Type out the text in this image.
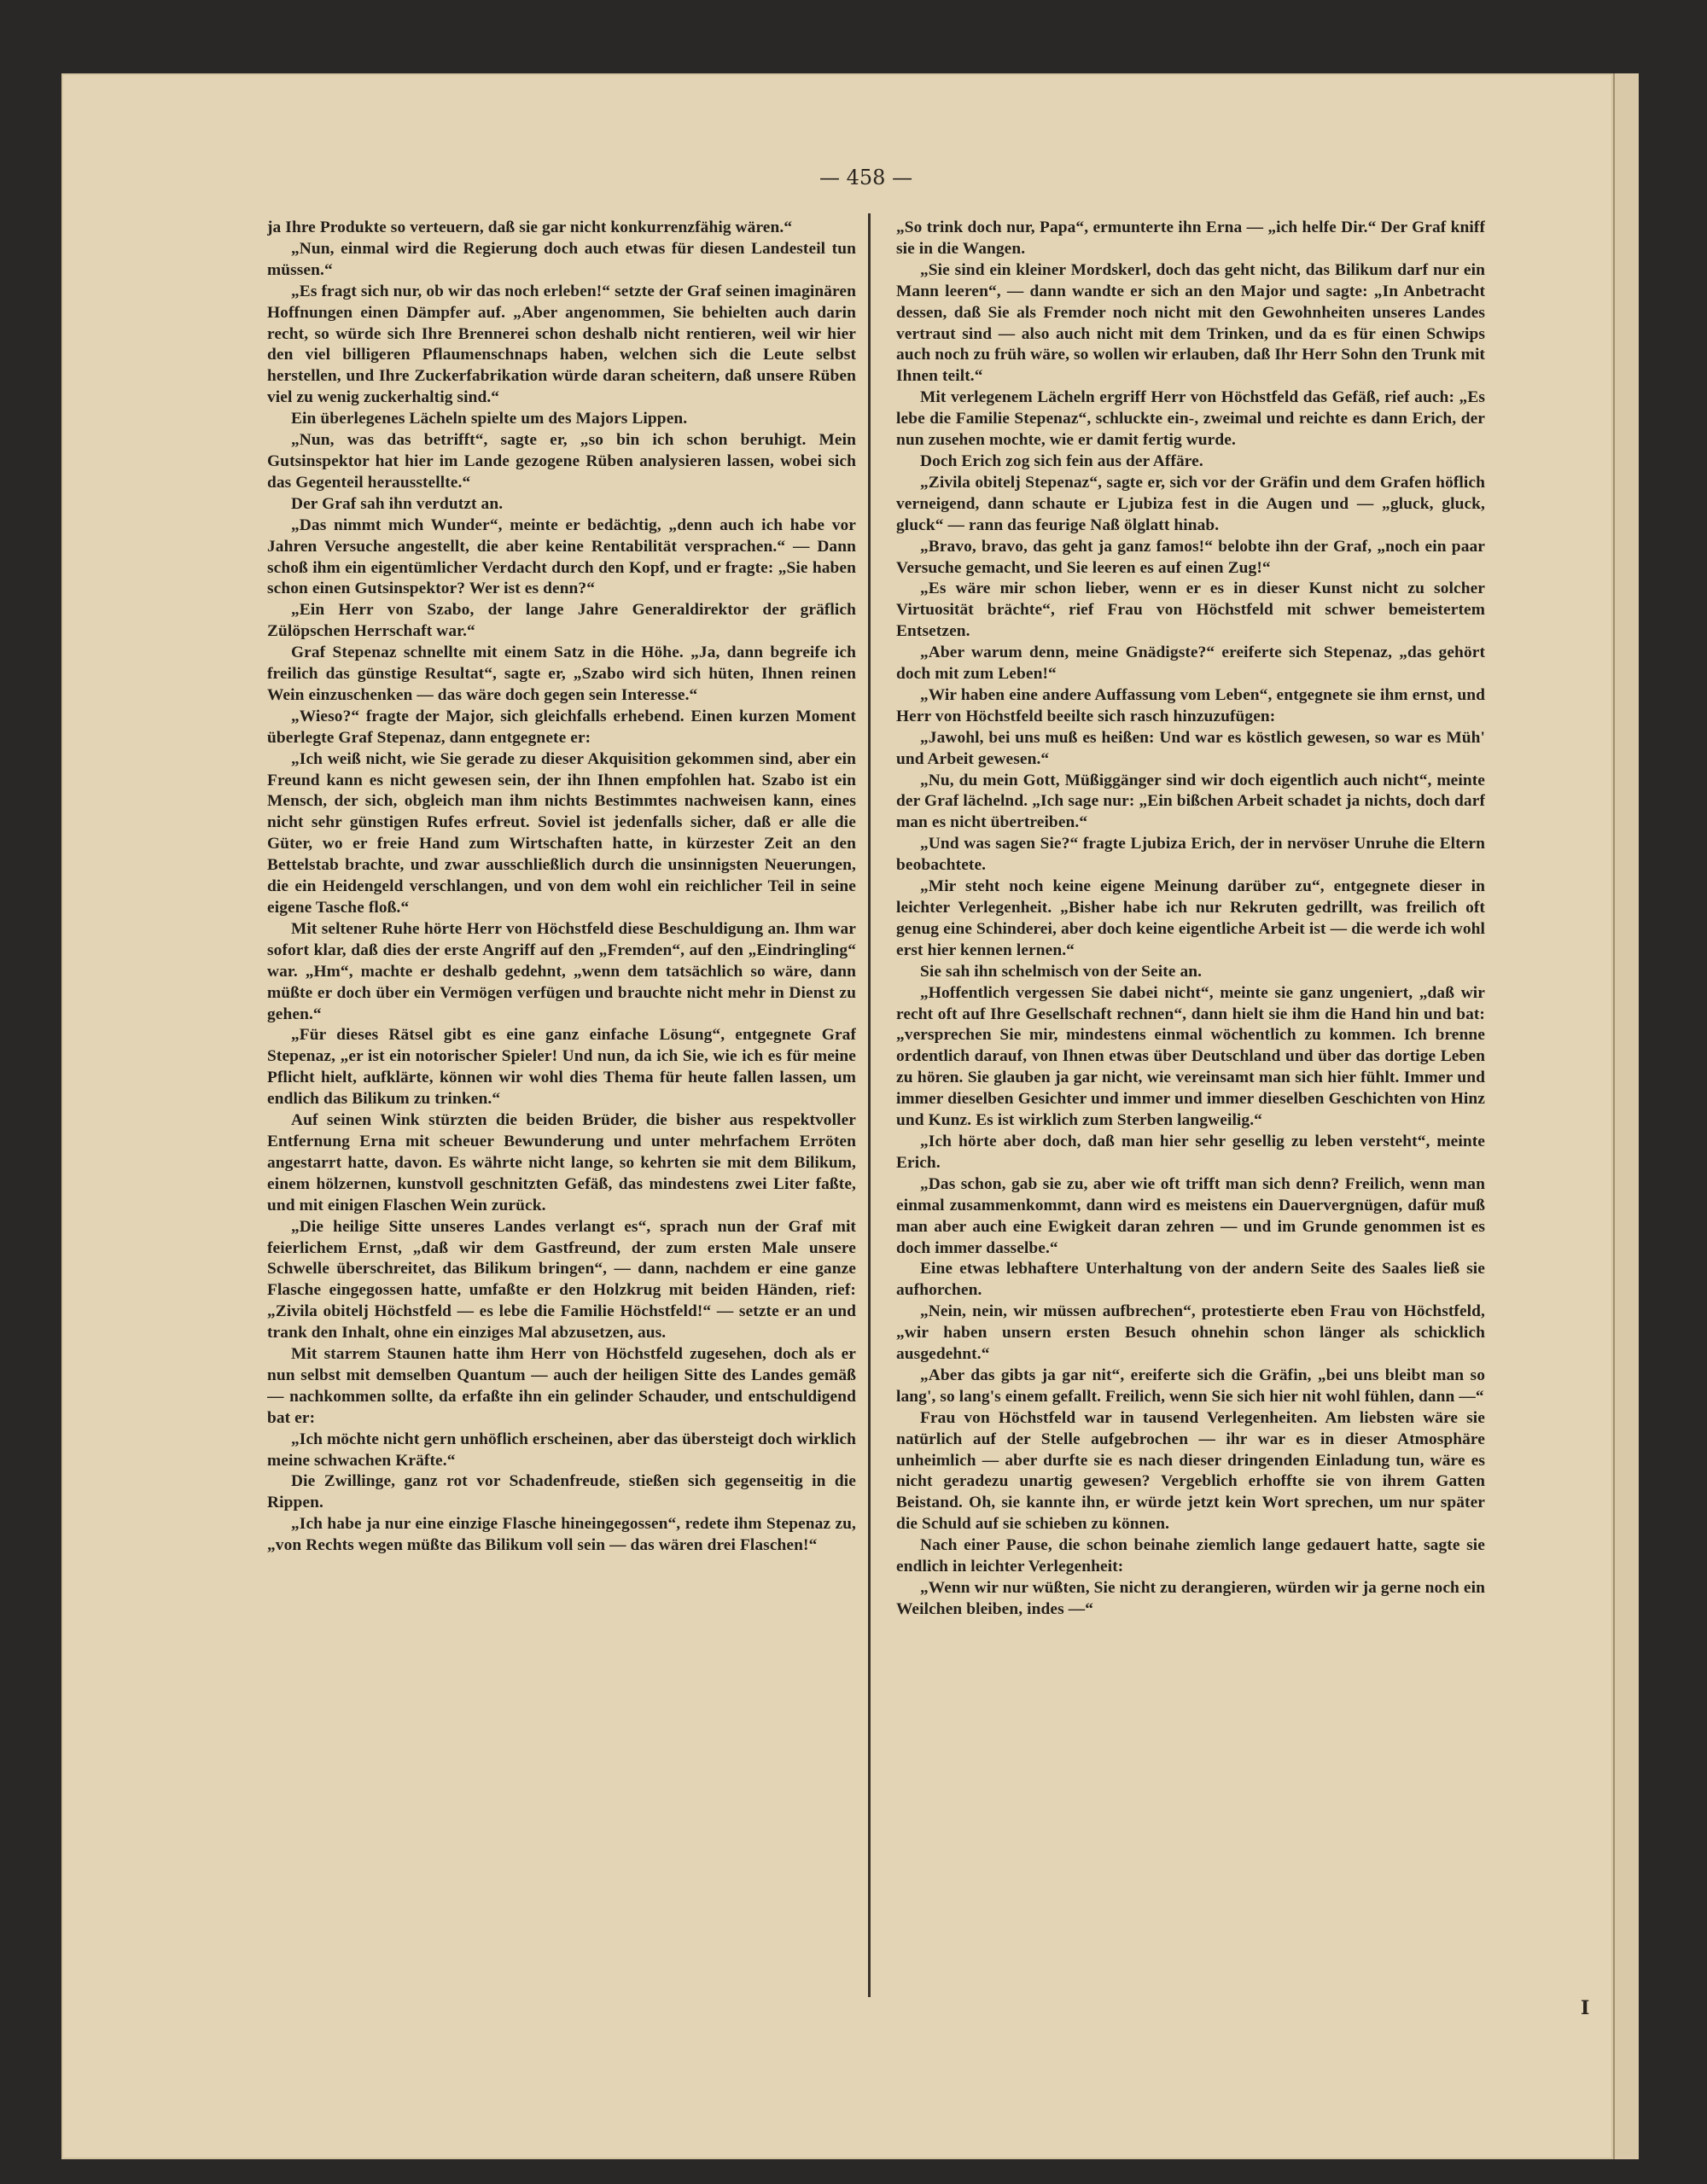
— 458 —

ja Ihre Produkte so verteuern, daß sie gar nicht konkurrenzfähig wären.“

„Nun, einmal wird die Regierung doch auch etwas für diesen Landesteil tun müssen.“

„Es fragt sich nur, ob wir das noch erleben!“ setzte der Graf seinen imaginären Hoffnungen einen Dämpfer auf. „Aber angenommen, Sie behielten auch darin recht, so würde sich Ihre Brennerei schon deshalb nicht rentieren, weil wir hier den viel billigeren Pflaumenschnaps haben, welchen sich die Leute selbst herstellen, und Ihre Zuckerfabrikation würde daran scheitern, daß unsere Rüben viel zu wenig zuckerhaltig sind.“

Ein überlegenes Lächeln spielte um des Majors Lippen.

„Nun, was das betrifft“, sagte er, „so bin ich schon beruhigt. Mein Gutsinspektor hat hier im Lande gezogene Rüben analysieren lassen, wobei sich das Gegenteil herausstellte.“

Der Graf sah ihn verdutzt an.

„Das nimmt mich Wunder“, meinte er bedächtig, „denn auch ich habe vor Jahren Versuche angestellt, die aber keine Rentabilität versprachen.“ — Dann schoß ihm ein eigentümlicher Verdacht durch den Kopf, und er fragte: „Sie haben schon einen Gutsinspektor? Wer ist es denn?“

„Ein Herr von Szabo, der lange Jahre Generaldirektor der gräflich Zülöpschen Herrschaft war.“

Graf Stepenaz schnellte mit einem Satz in die Höhe. „Ja, dann begreife ich freilich das günstige Resultat“, sagte er, „Szabo wird sich hüten, Ihnen reinen Wein einzuschenken — das wäre doch gegen sein Interesse.“

„Wieso?“ fragte der Major, sich gleichfalls erhebend. Einen kurzen Moment überlegte Graf Stepenaz, dann entgegnete er:

„Ich weiß nicht, wie Sie gerade zu dieser Akquisition gekommen sind, aber ein Freund kann es nicht gewesen sein, der ihn Ihnen empfohlen hat. Szabo ist ein Mensch, der sich, obgleich man ihm nichts Bestimmtes nachweisen kann, eines nicht sehr günstigen Rufes erfreut. Soviel ist jedenfalls sicher, daß er alle die Güter, wo er freie Hand zum Wirtschaften hatte, in kürzester Zeit an den Bettelstab brachte, und zwar ausschließlich durch die unsinnigsten Neuerungen, die ein Heidengeld verschlangen, und von dem wohl ein reichlicher Teil in seine eigene Tasche floß.“

Mit seltener Ruhe hörte Herr von Höchstfeld diese Beschuldigung an. Ihm war sofort klar, daß dies der erste Angriff auf den „Fremden“, auf den „Eindringling“ war. „Hm“, machte er deshalb gedehnt, „wenn dem tatsächlich so wäre, dann müßte er doch über ein Vermögen verfügen und brauchte nicht mehr in Dienst zu gehen.“

„Für dieses Rätsel gibt es eine ganz einfache Lösung“, entgegnete Graf Stepenaz, „er ist ein notorischer Spieler! Und nun, da ich Sie, wie ich es für meine Pflicht hielt, aufklärte, können wir wohl dies Thema für heute fallen lassen, um endlich das Bilikum zu trinken.“

Auf seinen Wink stürzten die beiden Brüder, die bisher aus respektvoller Entfernung Erna mit scheuer Bewunderung und unter mehrfachem Erröten angestarrt hatte, davon. Es währte nicht lange, so kehrten sie mit dem Bilikum, einem hölzernen, kunstvoll geschnitzten Gefäß, das mindestens zwei Liter faßte, und mit einigen Flaschen Wein zurück.

„Die heilige Sitte unseres Landes verlangt es“, sprach nun der Graf mit feierlichem Ernst, „daß wir dem Gastfreund, der zum ersten Male unsere Schwelle überschreitet, das Bilikum bringen“, — dann, nachdem er eine ganze Flasche eingegossen hatte, umfaßte er den Holzkrug mit beiden Händen, rief: „Zivila obitelj Höchstfeld — es lebe die Familie Höchstfeld!“ — setzte er an und trank den Inhalt, ohne ein einziges Mal abzusetzen, aus.

Mit starrem Staunen hatte ihm Herr von Höchstfeld zugesehen, doch als er nun selbst mit demselben Quantum — auch der heiligen Sitte des Landes gemäß — nachkommen sollte, da erfaßte ihn ein gelinder Schauder, und entschuldigend bat er:

„Ich möchte nicht gern unhöflich erscheinen, aber das übersteigt doch wirklich meine schwachen Kräfte.“

Die Zwillinge, ganz rot vor Schadenfreude, stießen sich gegenseitig in die Rippen.

„Ich habe ja nur eine einzige Flasche hineingegossen“, redete ihm Stepenaz zu, „von Rechts wegen müßte das Bilikum voll sein — das wären drei Flaschen!“

„So trink doch nur, Papa“, ermunterte ihn Erna — „ich helfe Dir.“ Der Graf kniff sie in die Wangen.

„Sie sind ein kleiner Mordskerl, doch das geht nicht, das Bilikum darf nur ein Mann leeren“, — dann wandte er sich an den Major und sagte: „In Anbetracht dessen, daß Sie als Fremder noch nicht mit den Gewohnheiten unseres Landes vertraut sind — also auch nicht mit dem Trinken, und da es für einen Schwips auch noch zu früh wäre, so wollen wir erlauben, daß Ihr Herr Sohn den Trunk mit Ihnen teilt.“

Mit verlegenem Lächeln ergriff Herr von Höchstfeld das Gefäß, rief auch: „Es lebe die Familie Stepenaz“, schluckte ein-, zweimal und reichte es dann Erich, der nun zusehen mochte, wie er damit fertig wurde.

Doch Erich zog sich fein aus der Affäre.

„Zivila obitelj Stepenaz“, sagte er, sich vor der Gräfin und dem Grafen höflich verneigend, dann schaute er Ljubiza fest in die Augen und — „gluck, gluck, gluck“ — rann das feurige Naß ölglatt hinab.

„Bravo, bravo, das geht ja ganz famos!“ belobte ihn der Graf, „noch ein paar Versuche gemacht, und Sie leeren es auf einen Zug!“

„Es wäre mir schon lieber, wenn er es in dieser Kunst nicht zu solcher Virtuosität brächte“, rief Frau von Höchstfeld mit schwer bemeistertem Entsetzen.

„Aber warum denn, meine Gnädigste?“ ereiferte sich Stepenaz, „das gehört doch mit zum Leben!“

„Wir haben eine andere Auffassung vom Leben“, entgegnete sie ihm ernst, und Herr von Höchstfeld beeilte sich rasch hinzuzufügen:

„Jawohl, bei uns muß es heißen: Und war es köstlich gewesen, so war es Müh' und Arbeit gewesen.“

„Nu, du mein Gott, Müßiggänger sind wir doch eigentlich auch nicht“, meinte der Graf lächelnd. „Ich sage nur: „Ein bißchen Arbeit schadet ja nichts, doch darf man es nicht übertreiben.“

„Und was sagen Sie?“ fragte Ljubiza Erich, der in nervöser Unruhe die Eltern beobachtete.

„Mir steht noch keine eigene Meinung darüber zu“, entgegnete dieser in leichter Verlegenheit. „Bisher habe ich nur Rekruten gedrillt, was freilich oft genug eine Schinderei, aber doch keine eigentliche Arbeit ist — die werde ich wohl erst hier kennen lernen.“

Sie sah ihn schelmisch von der Seite an.

„Hoffentlich vergessen Sie dabei nicht“, meinte sie ganz ungeniert, „daß wir recht oft auf Ihre Gesellschaft rechnen“, dann hielt sie ihm die Hand hin und bat: „versprechen Sie mir, mindestens einmal wöchentlich zu kommen. Ich brenne ordentlich darauf, von Ihnen etwas über Deutschland und über das dortige Leben zu hören. Sie glauben ja gar nicht, wie vereinsamt man sich hier fühlt. Immer und immer dieselben Gesichter und immer und immer dieselben Geschichten von Hinz und Kunz. Es ist wirklich zum Sterben langweilig.“

„Ich hörte aber doch, daß man hier sehr gesellig zu leben versteht“, meinte Erich.

„Das schon, gab sie zu, aber wie oft trifft man sich denn? Freilich, wenn man einmal zusammenkommt, dann wird es meistens ein Dauervergnügen, dafür muß man aber auch eine Ewigkeit daran zehren — und im Grunde genommen ist es doch immer dasselbe.“

Eine etwas lebhaftere Unterhaltung von der andern Seite des Saales ließ sie aufhorchen.

„Nein, nein, wir müssen aufbrechen“, protestierte eben Frau von Höchstfeld, „wir haben unsern ersten Besuch ohnehin schon länger als schicklich ausgedehnt.“

„Aber das gibts ja gar nit“, ereiferte sich die Gräfin, „bei uns bleibt man so lang', so lang's einem gefallt. Freilich, wenn Sie sich hier nit wohl fühlen, dann —“

Frau von Höchstfeld war in tausend Verlegenheiten. Am liebsten wäre sie natürlich auf der Stelle aufgebrochen — ihr war es in dieser Atmosphäre unheimlich — aber durfte sie es nach dieser dringenden Einladung tun, wäre es nicht geradezu unartig gewesen? Vergeblich erhoffte sie von ihrem Gatten Beistand. Oh, sie kannte ihn, er würde jetzt kein Wort sprechen, um nur später die Schuld auf sie schieben zu können.

Nach einer Pause, die schon beinahe ziemlich lange gedauert hatte, sagte sie endlich in leichter Verlegenheit:

„Wenn wir nur wüßten, Sie nicht zu derangieren, würden wir ja gerne noch ein Weilchen bleiben, indes —“

I
